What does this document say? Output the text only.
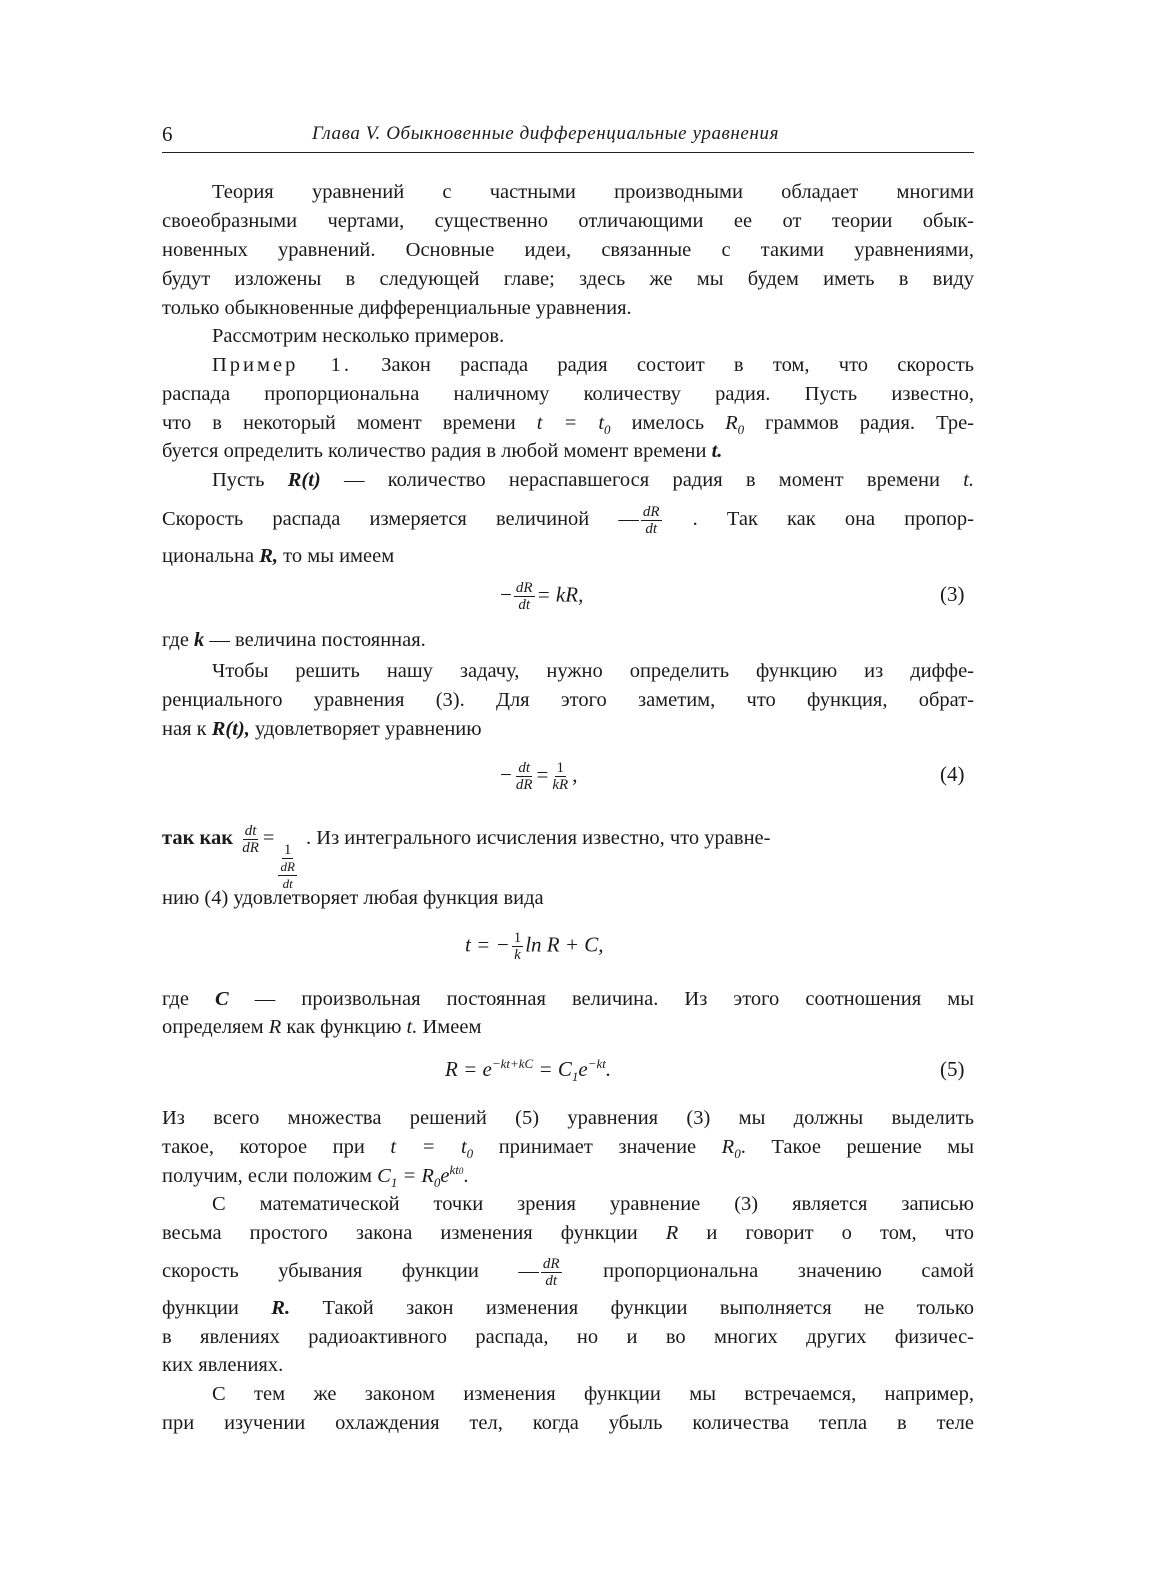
6	Глава V. Обыкновенные дифференциальные уравнения
Теория уравнений с частными производными обладает многими
своеобразными чертами, существенно отличающими ее от теории обык-
новенных уравнений. Основные идеи, связанные с такими уравнениями,
будут изложены в следующей главе; здесь же мы будем иметь в виду
только обыкновенные дифференциальные уравнения.
Рассмотрим несколько примеров.
Пример 1. Закон распада радия состоит в том, что скорость
распада пропорциональна наличному количеству радия. Пусть известно,
что в некоторый момент времени $t = t_0$ имелось $R_0$ граммов радия. Тре-
буется определить количество радия в любой момент времени t.
Пусть R(t) — количество нераспавшегося радия в момент времени t.
Скорость распада измеряется величиной — $\frac{dR}{dt}$ . Так как она пропор-
циональна R, то мы имеем
− $\frac{dR}{dt}$ = kR,	(3)
где k — величина постоянная.
Чтобы решить нашу задачу, нужно определить функцию из диффе-
ренциального уравнения (3). Для этого заметим, что функция, обрат-
ная к R(t), удовлетворяет уравнению
− $\frac{dt}{dR} = \frac{1}{kR}$ ,	(4)
так как $\frac{dt}{dR}$ =
$\frac{1}{\frac{dR}{dt}}$
. Из интегрального исчисления известно, что уравне-
нию (4) удовлетворяет любая функция вида
t = − $\frac{1}{k}$ ln R + C,
где C — произвольная постоянная величина. Из этого соотношения мы
определяем R как функцию t. Имеем
$R = e^{-kt+kC} = C_1e^{-kt}$.	(5)
Из всего множества решений (5) уравнения (3) мы должны выделить
такое, которое при $t = t_0$ принимает значение $R_0$. Такое решение мы
получим, если положим $C_1 = R_0e^{kt0}$.
С математической точки зрения уравнение (3) является записью
весьма простого закона изменения функции R и говорит о том, что
скорость убывания функции — $\frac{dR}{dt}$ пропорциональна значению самой
функции R. Такой закон изменения функции выполняется не только
в явлениях радиоактивного распада, но и во многих других физичес-
ких явлениях.
С тем же законом изменения функции мы встречаемся, например,
при изучении охлаждения тел, когда убыль количества тепла в теле
